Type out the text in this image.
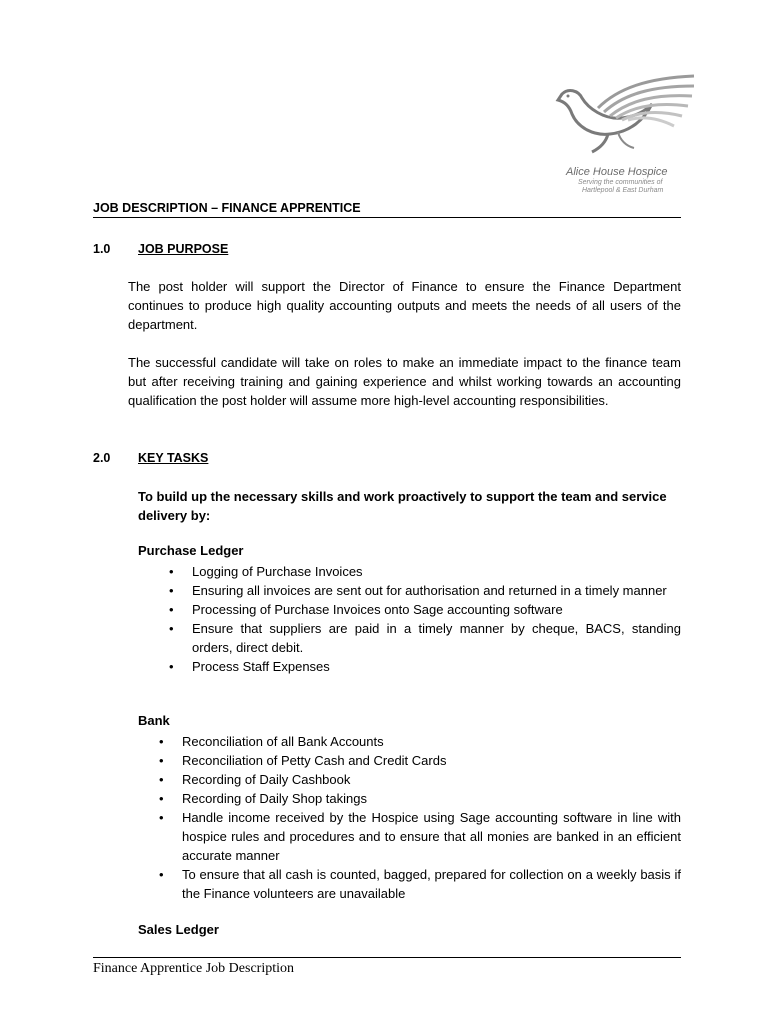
Alice House Hospice
Serving the communities of
Hartlepool & East Durham
JOB DESCRIPTION – FINANCE APPRENTICE
1.0 JOB PURPOSE

The post holder will support the Director of Finance to ensure the Finance Department continues to produce high quality accounting outputs and meets the needs of all users of the department.

The successful candidate will take on roles to make an immediate impact to the finance team but after receiving training and gaining experience and whilst working towards an accounting qualification the post holder will assume more high-level accounting responsibilities.

2.0 KEY TASKS

To build up the necessary skills and work proactively to support the team and service delivery by:

Purchase Ledger
• Logging of Purchase Invoices
• Ensuring all invoices are sent out for authorisation and returned in a timely manner
• Processing of Purchase Invoices onto Sage accounting software
• Ensure that suppliers are paid in a timely manner by cheque, BACS, standing orders, direct debit.
• Process Staff Expenses
Bank
• Reconciliation of all Bank Accounts
• Reconciliation of Petty Cash and Credit Cards
• Recording of Daily Cashbook
• Recording of Daily Shop takings
• Handle income received by the Hospice using Sage accounting software in line with hospice rules and procedures and to ensure that all monies are banked in an efficient accurate manner
• To ensure that all cash is counted, bagged, prepared for collection on a weekly basis if the Finance volunteers are unavailable
Sales Ledger
Finance Apprentice Job Description
